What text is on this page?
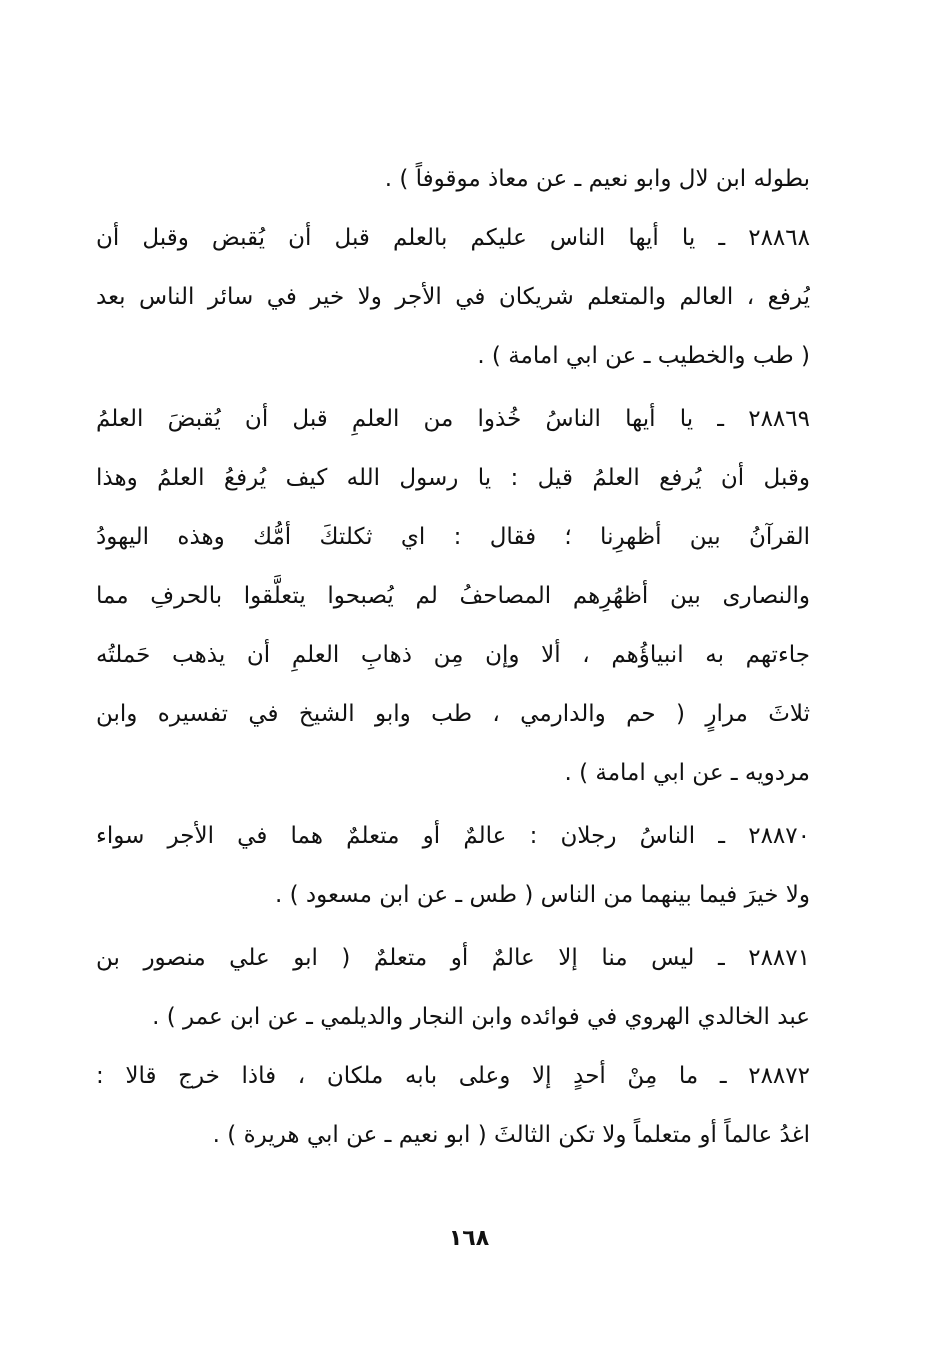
بطوله ابن لال وابو نعيم ـ عن معاذ موقوفاً ) .
٢٨٨٦٨ ـ يا أيها الناس عليكم بالعلم قبل أن يُقبض وقبل أن
يُرفع ، العالم والمتعلم شريكان في الأجر ولا خير في سائر الناس بعد
( طب والخطيب ـ عن ابي امامة ) .
٢٨٨٦٩ ـ يا أيها الناسُ خُذوا من العلمِ قبل أن يُقبضَ العلمُ
وقبل أن يُرفع العلمُ قيل : يا رسول الله كيف يُرفعُ العلمُ وهذا
القرآنُ بين أظهرِنا ؛ فقال : اي ثكلتكَ أمُّك وهذه اليهودُ
والنصارى بين أظهُرِهم المصاحفُ لم يُصبحوا يتعلَّقوا بالحرفِ مما
جاءتهم به انبياؤُهم ، ألا وإن مِن ذهابِ العلمِ أن يذهب حَملتُه
ثلاثَ مرارٍ ( حم والدارمي ، طب وابو الشيخ في تفسيره وابن
مردويه ـ عن ابي امامة ) .
٢٨٨٧٠ ـ الناسُ رجلان : عالمٌ أو متعلمٌ هما في الأجر سواء
ولا خيرَ فيما بينهما من الناس ( طس ـ عن ابن مسعود ) .
٢٨٨٧١ ـ ليس منا إلا عالمٌ أو متعلمٌ ( ابو علي منصور بن
عبد الخالدي الهروي في فوائده وابن النجار والديلمي ـ عن ابن عمر ) .
٢٨٨٧٢ ـ ما مِنْ أحدٍ إلا وعلى بابه ملكان ، فاذا خرج قالا :
اغدُ عالماً أو متعلماً ولا تكن الثالثَ ( ابو نعيم ـ عن ابي هريرة ) .
١٦٨
